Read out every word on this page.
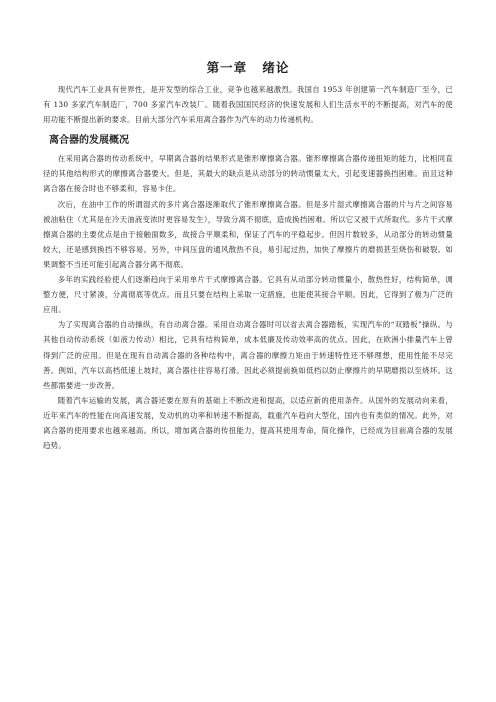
第一章 绪论

现代汽车工业具有世界性，是开发型的综合工业，竞争也越来越激烈。我国自 1953 年创建第一汽车制造厂至今，已有 130 多家汽车制造厂，700 多家汽车改装厂。随着我国国民经济的快速发展和人们生活水平的不断提高，对汽车的使用功能不断提出新的要求。目前大部分汽车采用离合器作为汽车的动力传递机构。

离合器的发展概况

在采用离合器的传动系统中，早期离合器的结果形式是锥形摩擦离合器。锥形摩擦离合器传递扭矩的能力，比相同直径的其他结构形式的摩擦离合器要大。但是，其最大的缺点是从动部分的转动惯量太大，引起变速器换挡困难。而且这种离合器在接合时也不够柔和，容易卡住。

次后，在油中工作的所谓湿式的多片离合器逐渐取代了锥形摩擦离合器。但是多片湿式摩擦离合器的片与片之间容易被油粘住（尤其是在冷天油液变浓时更容易发生），导致分离不彻底，造成换挡困难。所以它又被干式所取代。多片干式摩擦离合器的主要优点是由于接触面数多，故接合平顺柔和，保证了汽车的平稳起步。但因片数较多，从动部分的转动惯量较大，还是感到换挡不够容易。另外，中间压盘的通风散热不良，易引起过热，加快了摩擦片的磨损甚至烧伤和破裂。如果调整不当还可能引起离合器分离不彻底。

多年的实践经验使人们逐渐趋向于采用单片干式摩擦离合器。它具有从动部分转动惯量小，散热性好，结构简单，调整方便，尺寸紧凑，分离彻底等优点。而且只要在结构上采取一定措施，也能使其接合平顺。因此，它得到了极为广泛的应用。

为了实现离合器的自动操纵，有自动离合器。采用自动离合器时可以省去离合器踏板，实现汽车的“双踏板”操纵。与其他自动传动系统（如液力传动）相比，它具有结构简单，成本低廉及传动效率高的优点。因此，在欧洲小排量汽车上曾得到广泛的应用。但是在现有自动离合器的各种结构中，离合器的摩擦力矩由于转速特性还不够理想，使用性能不尽完善。例如，汽车以高档低速上坡时，离合器往往容易打滑。因此必须提前换如低档以防止摩擦片的早期磨损以至烧坏。这些都需要进一步改善。

随着汽车运输的发展，离合器还要在原有的基础上不断改进和提高，以适应新的使用条件。从国外的发展动向来看，近年来汽车的性能在向高速发展，发动机的功率和转速不断提高，载重汽车趋向大型化，国内也有类似的情况。此外，对离合器的使用要求也越来越高。所以，增加离合器的传扭能力，提高其使用寿命，简化操作，已经成为目前离合器的发展趋势。
